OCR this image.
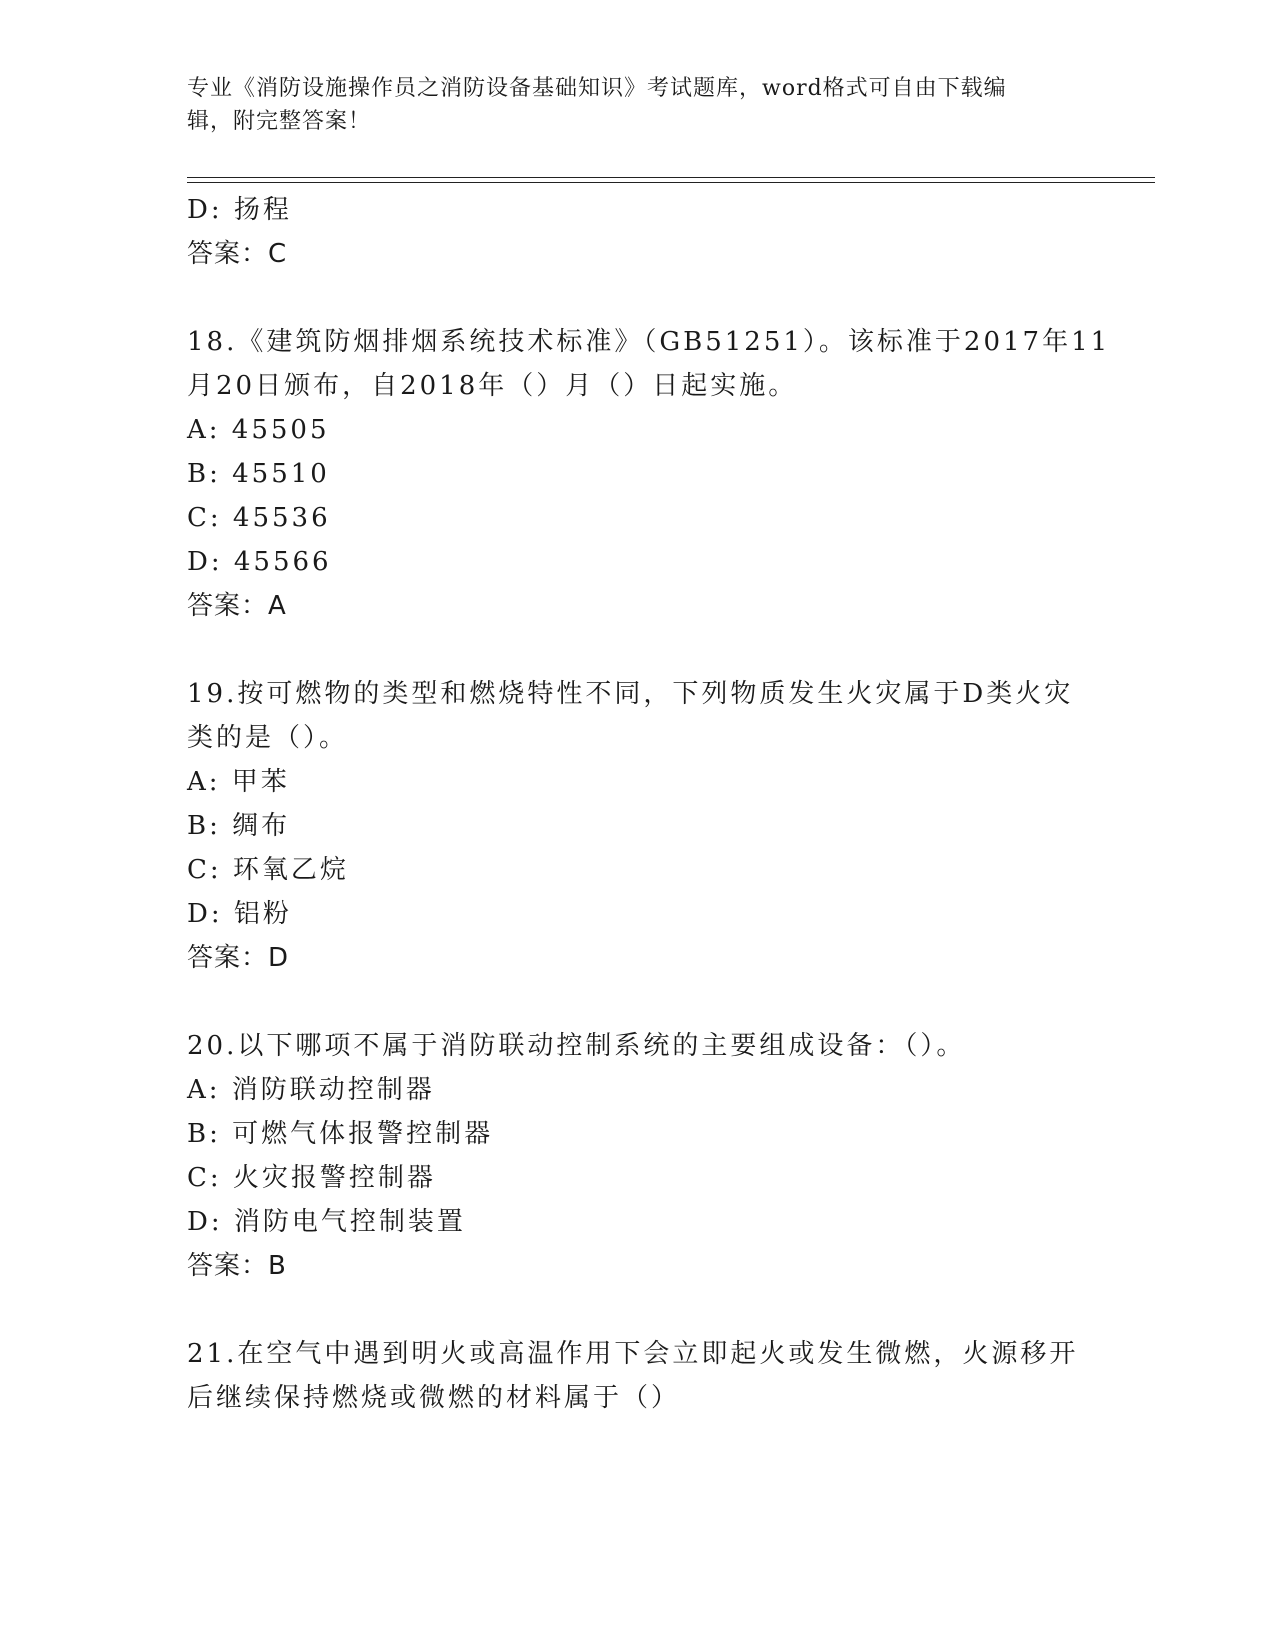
专业《消防设施操作员之消防设备基础知识》考试题库，word格式可自由下载编
辑，附完整答案！
D: 扬程
答案：C
18.《建筑防烟排烟系统技术标准》（GB51251）。该标准于2017年11
月20日颁布，自2018年（）月（）日起实施。
A: 45505
B: 45510
C: 45536
D: 45566
答案：A
19.按可燃物的类型和燃烧特性不同，下列物质发生火灾属于D类火灾
类的是（）。
A: 甲苯
B: 绸布
C: 环氧乙烷
D: 铝粉
答案：D
20.以下哪项不属于消防联动控制系统的主要组成设备：（）。
A: 消防联动控制器
B: 可燃气体报警控制器
C: 火灾报警控制器
D: 消防电气控制装置
答案：B
21.在空气中遇到明火或高温作用下会立即起火或发生微燃，火源移开
后继续保持燃烧或微燃的材料属于（）
